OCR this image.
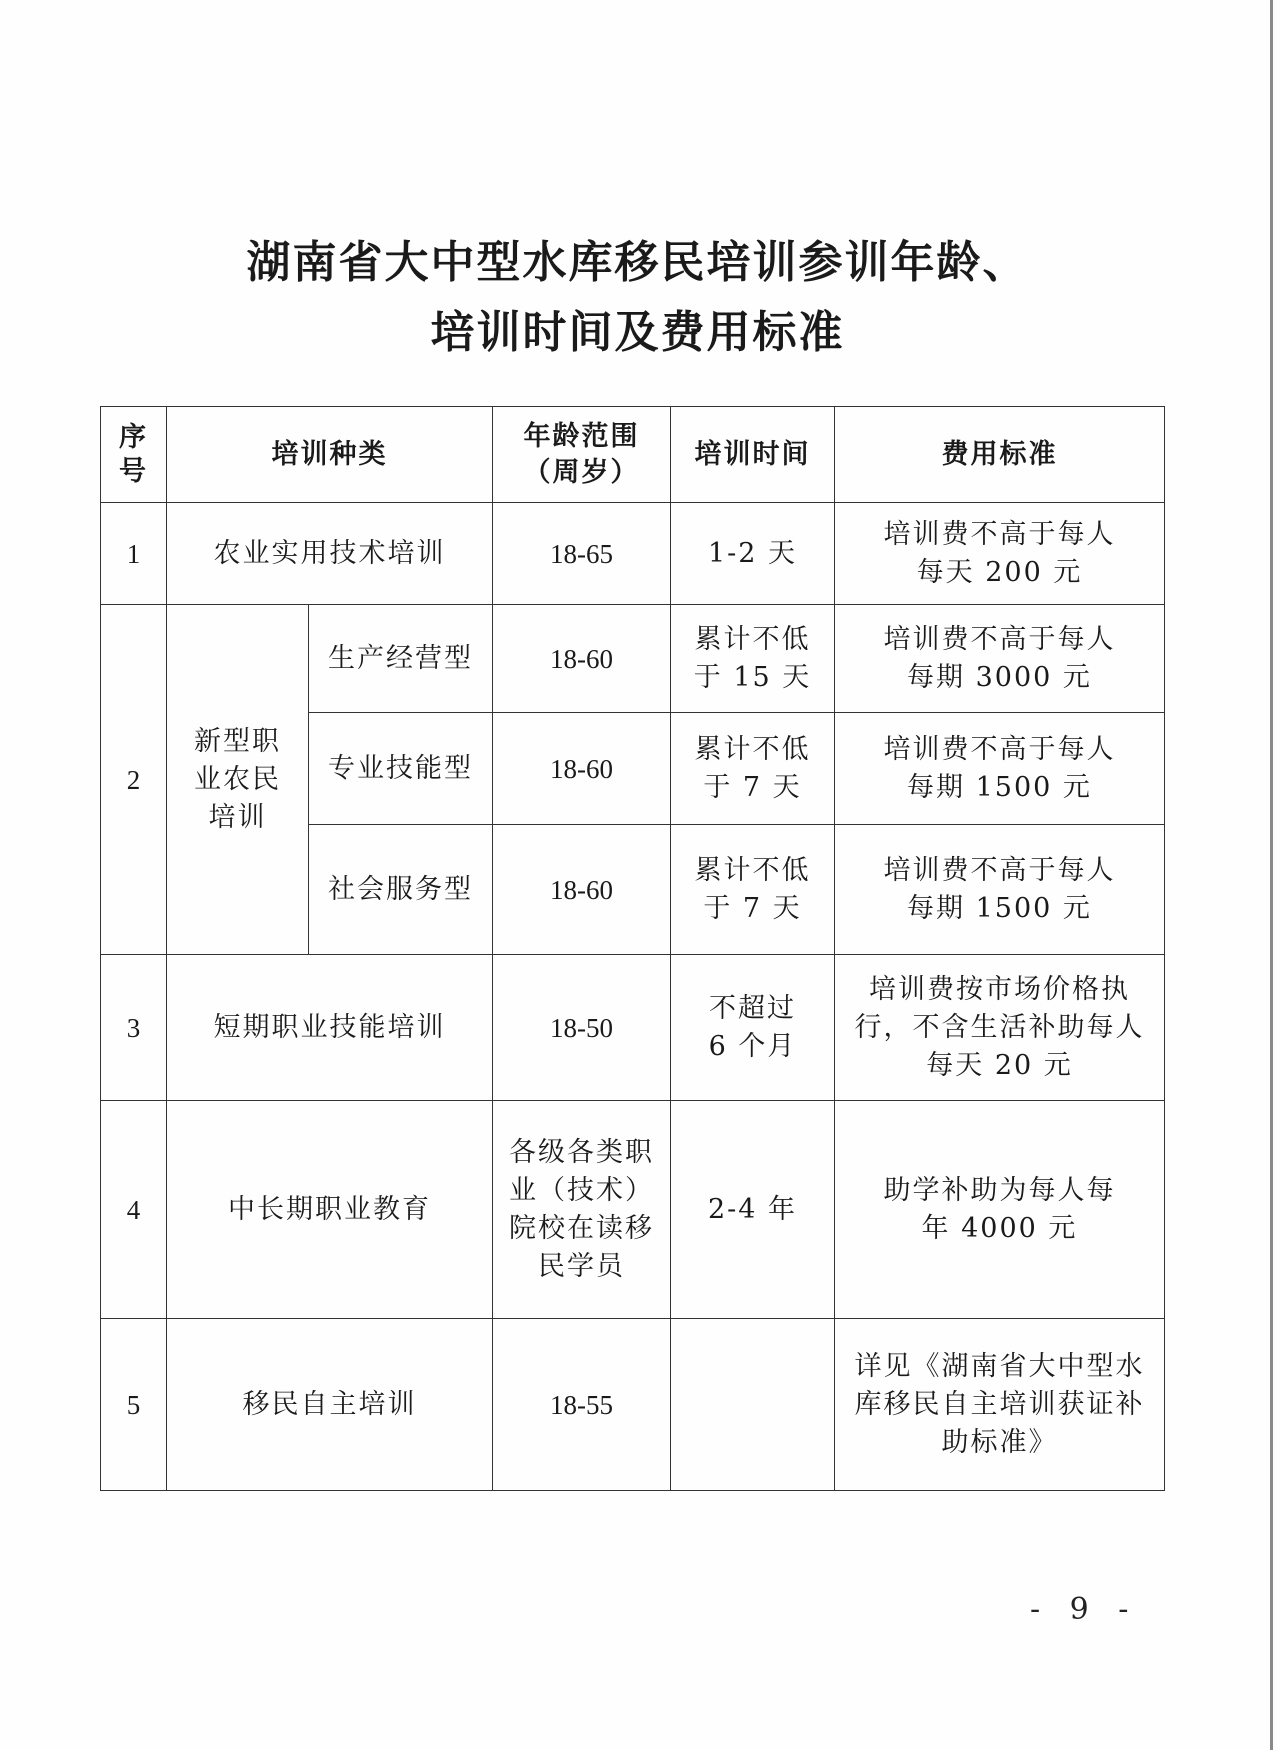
湖南省大中型水库移民培训参训年龄、
培训时间及费用标准
序号	培训种类		年龄范围（周岁）	培训时间	费用标准
1	农业实用技术培训		18-65	1-2 天	培训费不高于每人每天 200 元
2	新型职业农民培训	生产经营型	18-60	累计不低于 15 天	培训费不高于每人每期 3000 元
		专业技能型	18-60	累计不低于 7 天	培训费不高于每人每期 1500 元
		社会服务型	18-60	累计不低于 7 天	培训费不高于每人每期 1500 元
3	短期职业技能培训		18-50	不超过6 个月	培训费按市场价格执行，不含生活补助每人每天 20 元
4	中长期职业教育		各级各类职业（技术）院校在读移民学员	2-4 年	助学补助为每人每年 4000 元
5	移民自主培训		18-55		详见《湖南省大中型水库移民自主培训获证补助标准》
- 9 -
